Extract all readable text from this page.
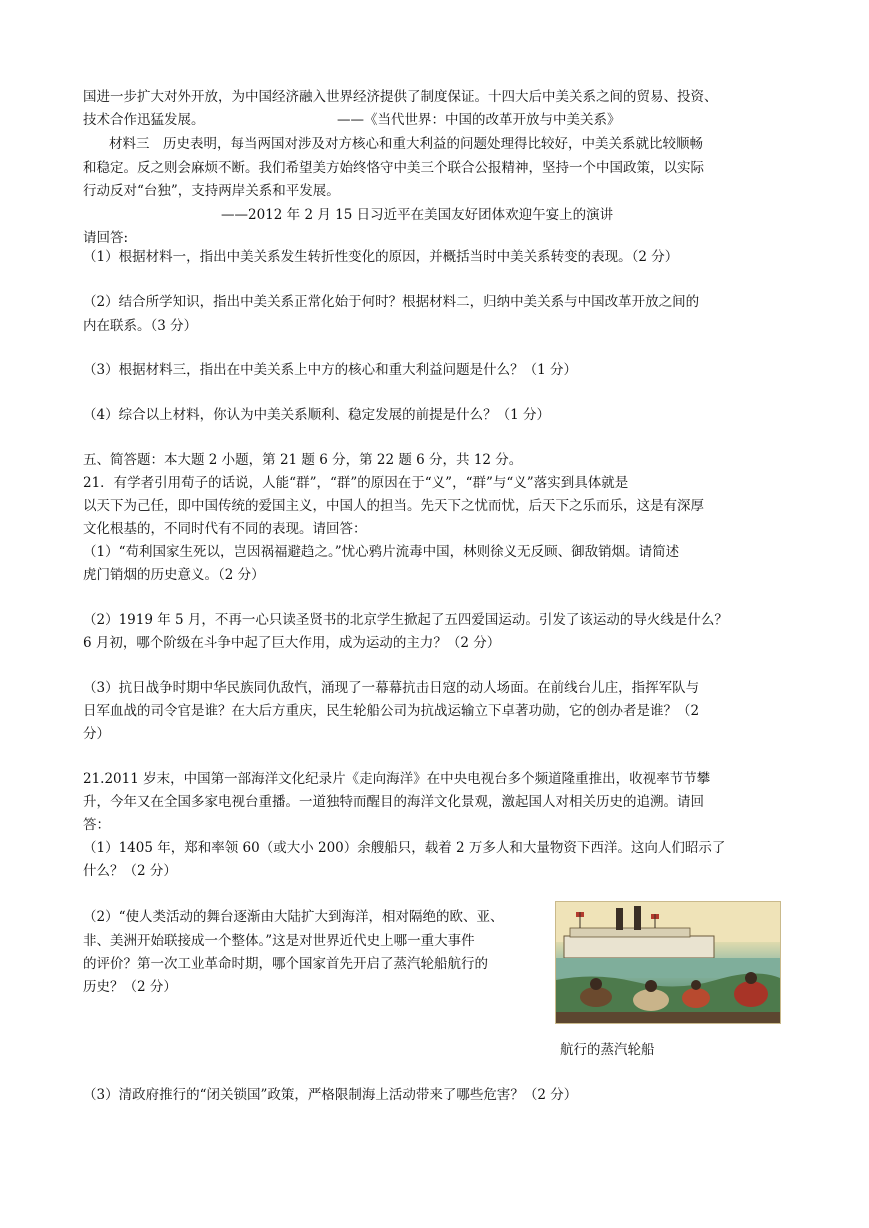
国进一步扩大对外开放，为中国经济融入世界经济提供了制度保证。十四大后中美关系之间的贸易、投资、
技术合作迅猛发展。	——《当代世界：中国的改革开放与中美关系》
材料三　历史表明，每当两国对涉及对方核心和重大利益的问题处理得比较好，中美关系就比较顺畅
和稳定。反之则会麻烦不断。我们希望美方始终恪守中美三个联合公报精神，坚持一个中国政策，以实际
行动反对“台独”，支持两岸关系和平发展。
——2012 年 2 月 15 日习近平在美国友好团体欢迎午宴上的演讲
请回答:
（1）根据材料一，指出中美关系发生转折性变化的原因，并概括当时中美关系转变的表现。（2 分）
（2）结合所学知识，指出中美关系正常化始于何时？根据材料二，归纳中美关系与中国改革开放之间的
内在联系。（3 分）
（3）根据材料三，指出在中美关系上中方的核心和重大利益问题是什么？（1 分）
（4）综合以上材料，你认为中美关系顺利、稳定发展的前提是什么？（1 分）
五、简答题：本大题 2 小题，第 21 题 6 分，第 22 题 6 分，共 12 分。
21．有学者引用荀子的话说，人能“群”，“群”的原因在于“义”，“群”与“义”落实到具体就是
以天下为己任，即中国传统的爱国主义，中国人的担当。先天下之忧而忧，后天下之乐而乐，这是有深厚
文化根基的，不同时代有不同的表现。请回答：
（1）“苟利国家生死以，岂因祸福避趋之。”忧心鸦片流毒中国，林则徐义无反顾、御敌销烟。请简述
虎门销烟的历史意义。（2 分）
（2）1919 年 5 月，不再一心只读圣贤书的北京学生掀起了五四爱国运动。引发了该运动的导火线是什么？
6 月初，哪个阶级在斗争中起了巨大作用，成为运动的主力？（2 分）
（3）抗日战争时期中华民族同仇敌忾，涌现了一幕幕抗击日寇的动人场面。在前线台儿庄，指挥军队与
日军血战的司令官是谁？在大后方重庆，民生轮船公司为抗战运输立下卓著功勋，它的创办者是谁？（2
分）
21.2011 岁末，中国第一部海洋文化纪录片《走向海洋》在中央电视台多个频道隆重推出，收视率节节攀
升，今年又在全国多家电视台重播。一道独特而醒目的海洋文化景观，激起国人对相关历史的追溯。请回
答：
（1）1405 年，郑和率领 60（或大小 200）余艘船只，载着 2 万多人和大量物资下西洋。这向人们昭示了
什么？（2 分）
（2）“使人类活动的舞台逐渐由大陆扩大到海洋，相对隔绝的欧、亚、
非、美洲开始联接成一个整体。”这是对世界近代史上哪一重大事件
的评价？第一次工业革命时期，哪个国家首先开启了蒸汽轮船航行的
历史？（2 分）
航行的蒸汽轮船
（3）清政府推行的“闭关锁国”政策，严格限制海上活动带来了哪些危害？（2 分）
